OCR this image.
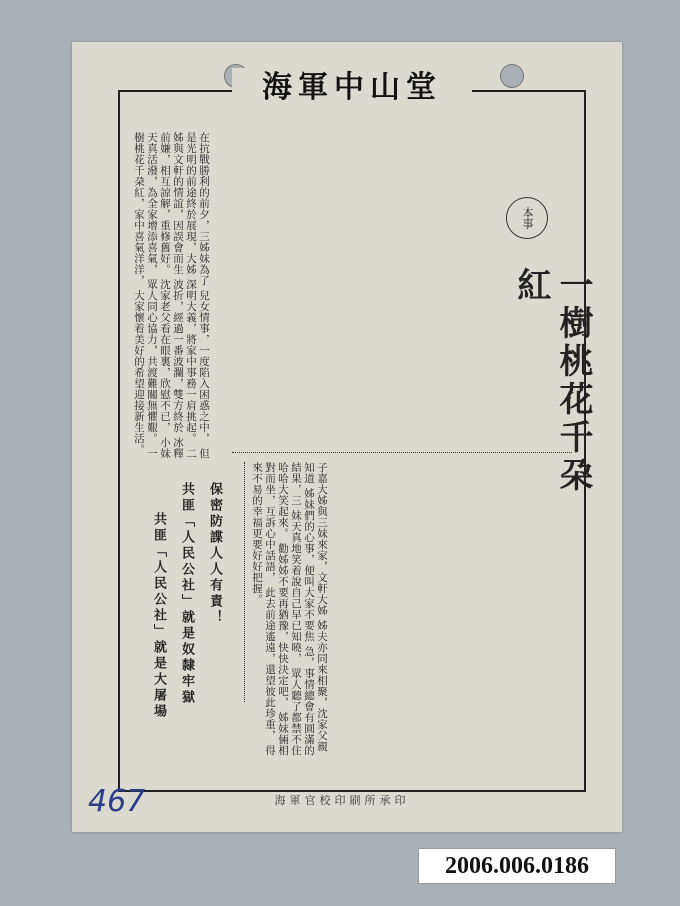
海軍中山堂
本事
一樹桃花千朶紅
在抗戰勝利的前夕，三姊妹為了 兒女情事，一度陷入困惑之中， 但是光明的前途終於展現，大姊 深明大義，將家中事務一肩挑起。 二姊與文軒的情誼，因誤會而生 波折，經過一番波瀾，雙方終於 冰釋前嫌，相互諒解，重修舊好。 沈家老父看在眼裏，欣慰不已， 小妹天真活潑，為全家增添喜氣， 眾人同心協力，共渡難關無懼艱。 一樹桃花千朶紅，家中喜氣洋洋， 大家懷着美好的希望迎接新生活。
子嘉大姊與三妹來家，文軒大姊 姊夫亦同來相聚，沈家父親知道 姊妹們的心事，便叫大家不要焦 急，事情總會有圓滿的結果，三 妹天真地笑着說自己早已知曉， 眾人聽了都禁不住哈哈大笑起來。 勸姊姊不要再猶豫，快快決定吧， 姊妹倆相對而坐，互訴心中話語， 此去前途遙遠，還望彼此珍重， 得來不易的幸福更要好好把握。
保密防諜人人有責！
共匪「人民公社」就是奴隸牢獄
共匪「人民公社」就是大屠場
海軍官校印刷所承印
467
2006.006.0186
